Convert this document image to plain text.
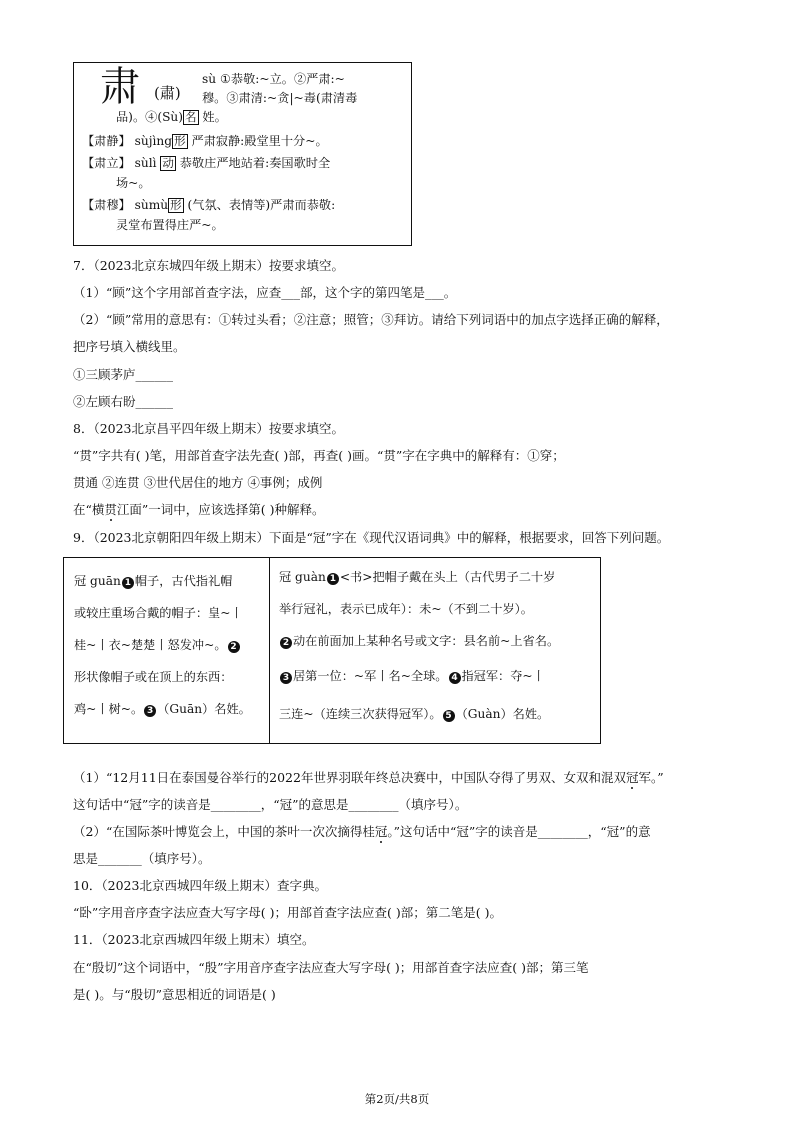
肃 (肅)
sù ①恭敬:~立。②严肃:~
穆。③肃清:~贪|~毒(肃清毒
品)。④(Sù) 名 姓。
【肃静】 sùjìng 形 严肃寂静:殿堂里十分~。
【肃立】 sùlì 动 恭敬庄严地站着:奏国歌时全
场~。
【肃穆】 sùmù 形 (气氛、表情等)严肃而恭敬:
灵堂布置得庄严~。
7．（2023北京东城四年级上期末）按要求填空。
（1）“顾”这个字用部首查字法，应查___部，这个字的第四笔是___。
（2）“顾”常用的意思有：①转过头看；②注意；照管；③拜访。请给下列词语中的加点字选择正确的解释，
把序号填入横线里。
①三顾茅庐______
②左顾右盼______
8．（2023北京昌平四年级上期末）按要求填空。
“贯”字共有( )笔，用部首查字法先查( )部，再查( )画。“贯”字在字典中的解释有：①穿；
贯通 ②连贯 ③世代居住的地方 ④事例；成例
在“横贯江面”一词中，应该选择第( )种解释。
9．（2023北京朝阳四年级上期末）下面是“冠”字在《现代汉语词典》中的解释，根据要求，回答下列问题。
冠 guān 1 帽子，古代指礼帽
或较庄重场合戴的帽子：皇~丨
桂~丨衣~楚楚丨怒发冲~。 2
形状像帽子或在顶上的东西：
鸡~丨树~。 3 （Guān）名姓。
冠 guàn 1 <书>把帽子戴在头上（古代男子二十岁
举行冠礼，表示已成年）：未~（不到二十岁）。
2 动在前面加上某种名号或文字：县名前~上省名。
3 居第一位：~军丨名~全球。 4 指冠军：夺~丨
三连~（连续三次获得冠军）。 5 （Guàn）名姓。
（1）“12月11日在泰国曼谷举行的2022年世界羽联年终总决赛中，中国队夺得了男双、女双和混双冠军。”
这句话中“冠”字的读音是________，“冠”的意思是________（填序号）。
（2）“在国际茶叶博览会上，中国的茶叶一次次摘得桂冠。”这句话中“冠”字的读音是________，“冠”的意
思是_______（填序号）。
10．（2023北京西城四年级上期末）查字典。
“卧”字用音序查字法应查大写字母( )；用部首查字法应查( )部；第二笔是( )。
11．（2023北京西城四年级上期末）填空。
在“殷切”这个词语中，“殷”字用音序查字法应查大写字母( )；用部首查字法应查( )部；第三笔
是( )。与“殷切”意思相近的词语是( )
第2页/共8页
